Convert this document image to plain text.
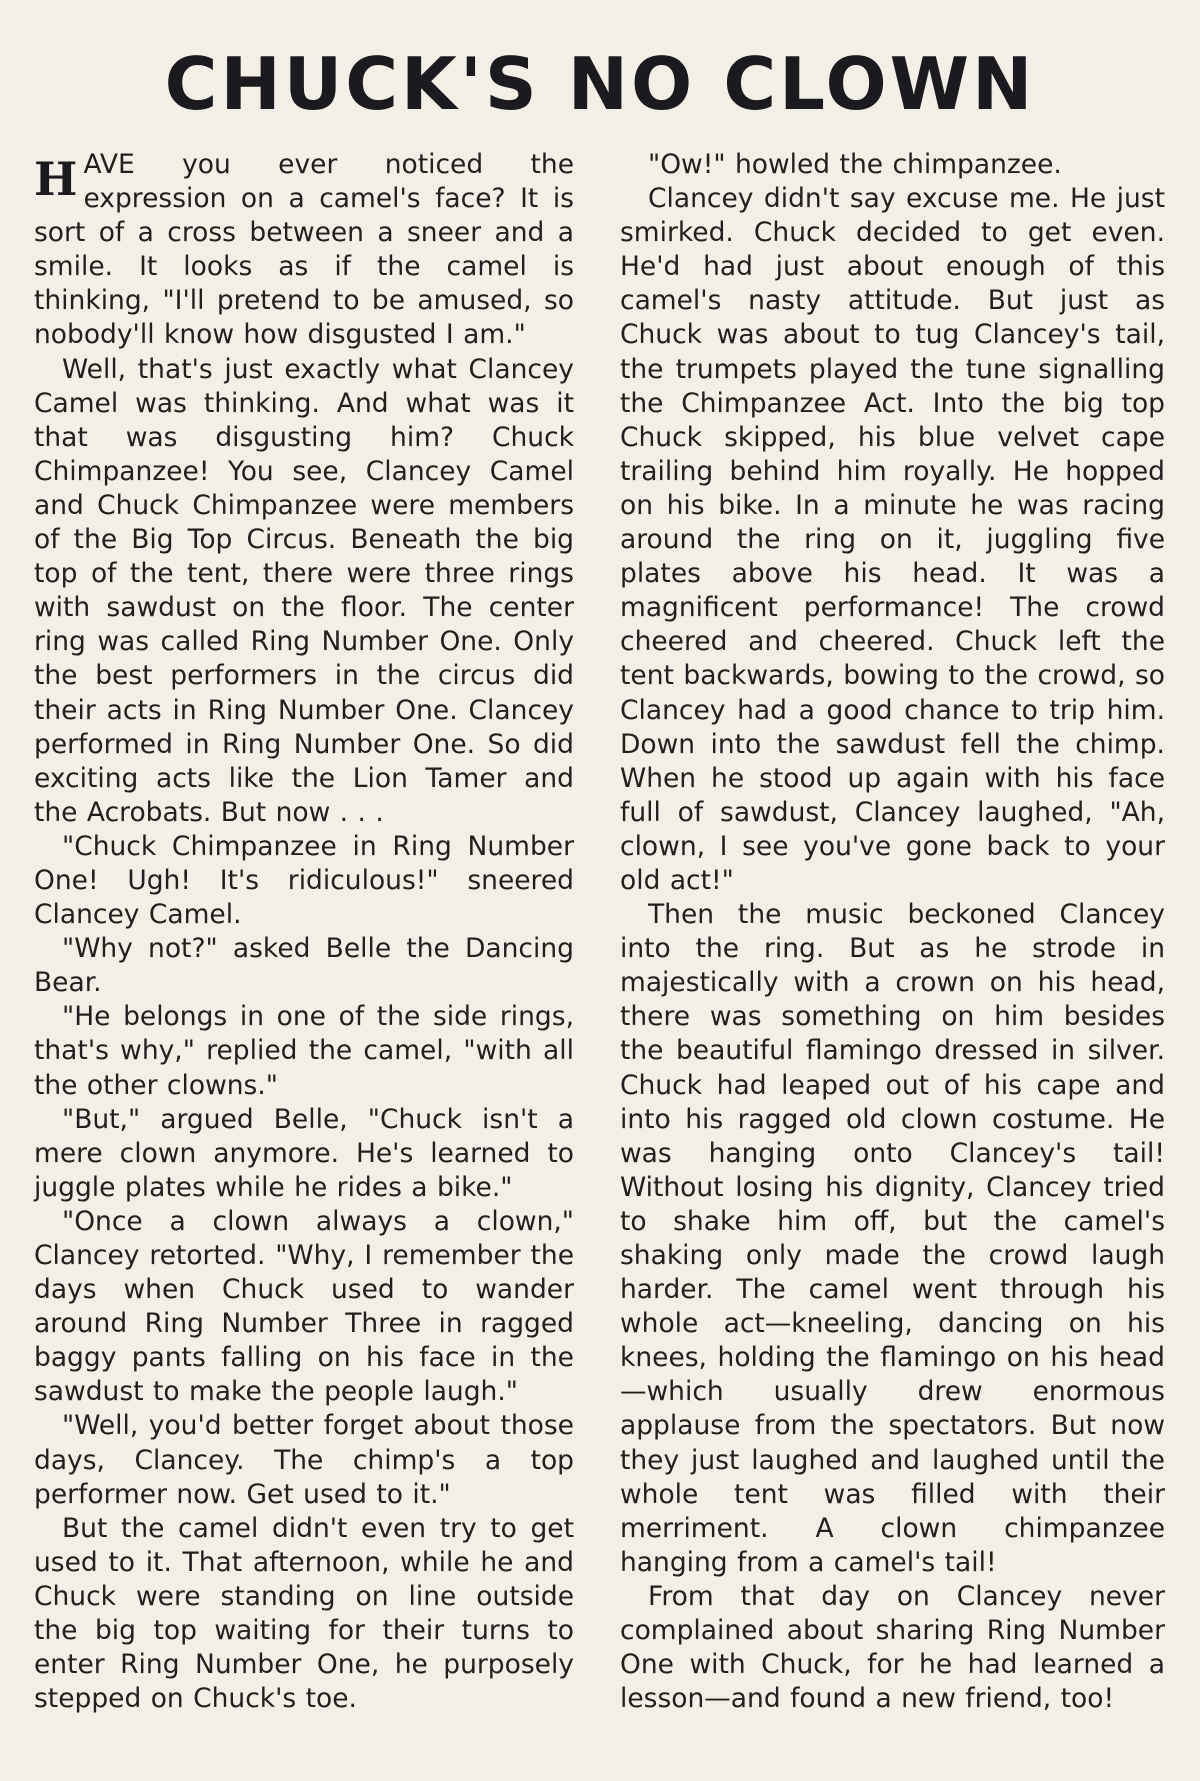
CHUCK'S NO CLOWN

HAVE you ever noticed the expression on a camel's face? It is sort of a cross between a sneer and a smile. It looks as if the camel is thinking, "I'll pretend to be amused, so nobody'll know how disgusted I am."

Well, that's just exactly what Clancey Camel was thinking. And what was it that was disgusting him? Chuck Chimpanzee! You see, Clancey Camel and Chuck Chimpanzee were members of the Big Top Circus. Beneath the big top of the tent, there were three rings with sawdust on the floor. The center ring was called Ring Number One. Only the best performers in the circus did their acts in Ring Number One. Clancey performed in Ring Number One. So did exciting acts like the Lion Tamer and the Acrobats. But now . . .

"Chuck Chimpanzee in Ring Number One! Ugh! It's ridiculous!" sneered Clancey Camel.

"Why not?" asked Belle the Dancing Bear.

"He belongs in one of the side rings, that's why," replied the camel, "with all the other clowns."

"But," argued Belle, "Chuck isn't a mere clown anymore. He's learned to juggle plates while he rides a bike."

"Once a clown always a clown," Clancey retorted. "Why, I remember the days when Chuck used to wander around Ring Number Three in ragged baggy pants falling on his face in the sawdust to make the people laugh."

"Well, you'd better forget about those days, Clancey. The chimp's a top performer now. Get used to it."

But the camel didn't even try to get used to it. That afternoon, while he and Chuck were standing on line outside the big top waiting for their turns to enter Ring Number One, he purposely stepped on Chuck's toe.

"Ow!" howled the chimpanzee.

Clancey didn't say excuse me. He just smirked. Chuck decided to get even. He'd had just about enough of this camel's nasty attitude. But just as Chuck was about to tug Clancey's tail, the trumpets played the tune signalling the Chimpanzee Act. Into the big top Chuck skipped, his blue velvet cape trailing behind him royally. He hopped on his bike. In a minute he was racing around the ring on it, juggling five plates above his head. It was a magnificent performance! The crowd cheered and cheered. Chuck left the tent backwards, bowing to the crowd, so Clancey had a good chance to trip him. Down into the sawdust fell the chimp. When he stood up again with his face full of sawdust, Clancey laughed, "Ah, clown, I see you've gone back to your old act!"

Then the music beckoned Clancey into the ring. But as he strode in majestically with a crown on his head, there was something on him besides the beautiful flamingo dressed in silver. Chuck had leaped out of his cape and into his ragged old clown costume. He was hanging onto Clancey's tail! Without losing his dignity, Clancey tried to shake him off, but the camel's shaking only made the crowd laugh harder. The camel went through his whole act—kneeling, dancing on his knees, holding the flamingo on his head—which usually drew enormous applause from the spectators. But now they just laughed and laughed until the whole tent was filled with their merriment. A clown chimpanzee hanging from a camel's tail!

From that day on Clancey never complained about sharing Ring Number One with Chuck, for he had learned a lesson—and found a new friend, too!
